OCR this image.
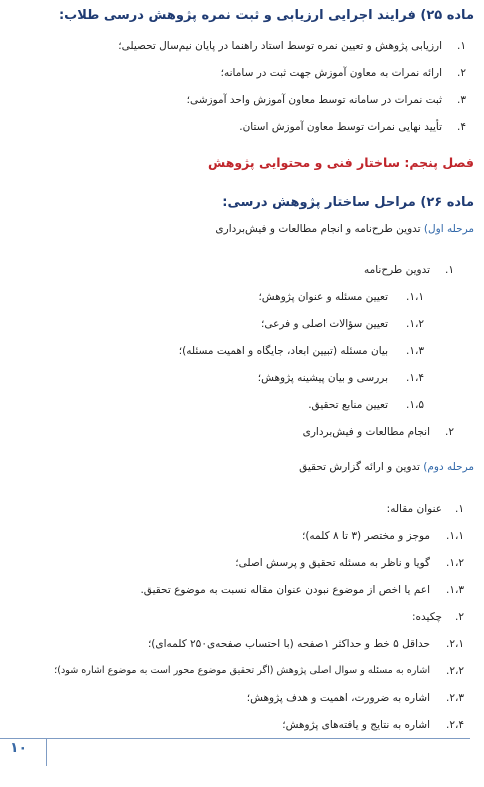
ماده ۲۵) فرایند اجرایی ارزیابی و ثبت نمره پژوهش درسی طلاب:
۱.
ارزیابی پژوهش و تعیین نمره توسط استاد راهنما در پایان نیم‌سال تحصیلی؛
۲.
ارائه نمرات به معاون آموزش جهت ثبت در سامانه؛
۳.
ثبت نمرات در سامانه توسط معاون آموزش واحد آموزشی؛
۴.
تأیید نهایی نمرات توسط معاون آموزش استان.
فصل پنجم: ساختار فنی و محتوایی پژوهش
ماده ۲۶) مراحل ساختار پژوهش درسی:
مرحله اول) تدوین طرح‌نامه و انجام مطالعات و فیش‌برداری
۱.
تدوین طرح‌نامه
۱،۱.
تعیین مسئله و عنوان پژوهش؛
۱،۲.
تعیین سؤالات اصلی و فرعی؛
۱،۳.
بیان مسئله (تبیین ابعاد، جایگاه و اهمیت مسئله)؛
۱،۴.
بررسی و بیان پیشینه پژوهش؛
۱،۵.
تعیین منابع تحقیق.
۲.
انجام مطالعات و فیش‌برداری
مرحله دوم) تدوین و ارائه گزارش تحقیق
۱.
عنوان مقاله:
۱،۱.
موجز و مختصر (۳ تا ۸ کلمه)؛
۱،۲.
گویا و ناظر به مسئله تحقیق و پرسش اصلی؛
۱،۳.
اعم یا اخص از موضوع نبودن عنوان مقاله نسبت به موضوع تحقیق.
۲.
چکیده:
۲،۱.
حداقل ۵ خط و حداکثر ۱صفحه (با احتساب صفحه‌ی۲۵۰ کلمه‌ای)؛
۲،۲.
اشاره به مسئله و سوال اصلی پژوهش (اگر تحقیق موضوع محور است به موضوع اشاره شود)؛
۲،۳.
اشاره به ضرورت، اهمیت و هدف پژوهش؛
۲،۴.
اشاره به نتایج و یافته‌های پژوهش؛
۱۰
